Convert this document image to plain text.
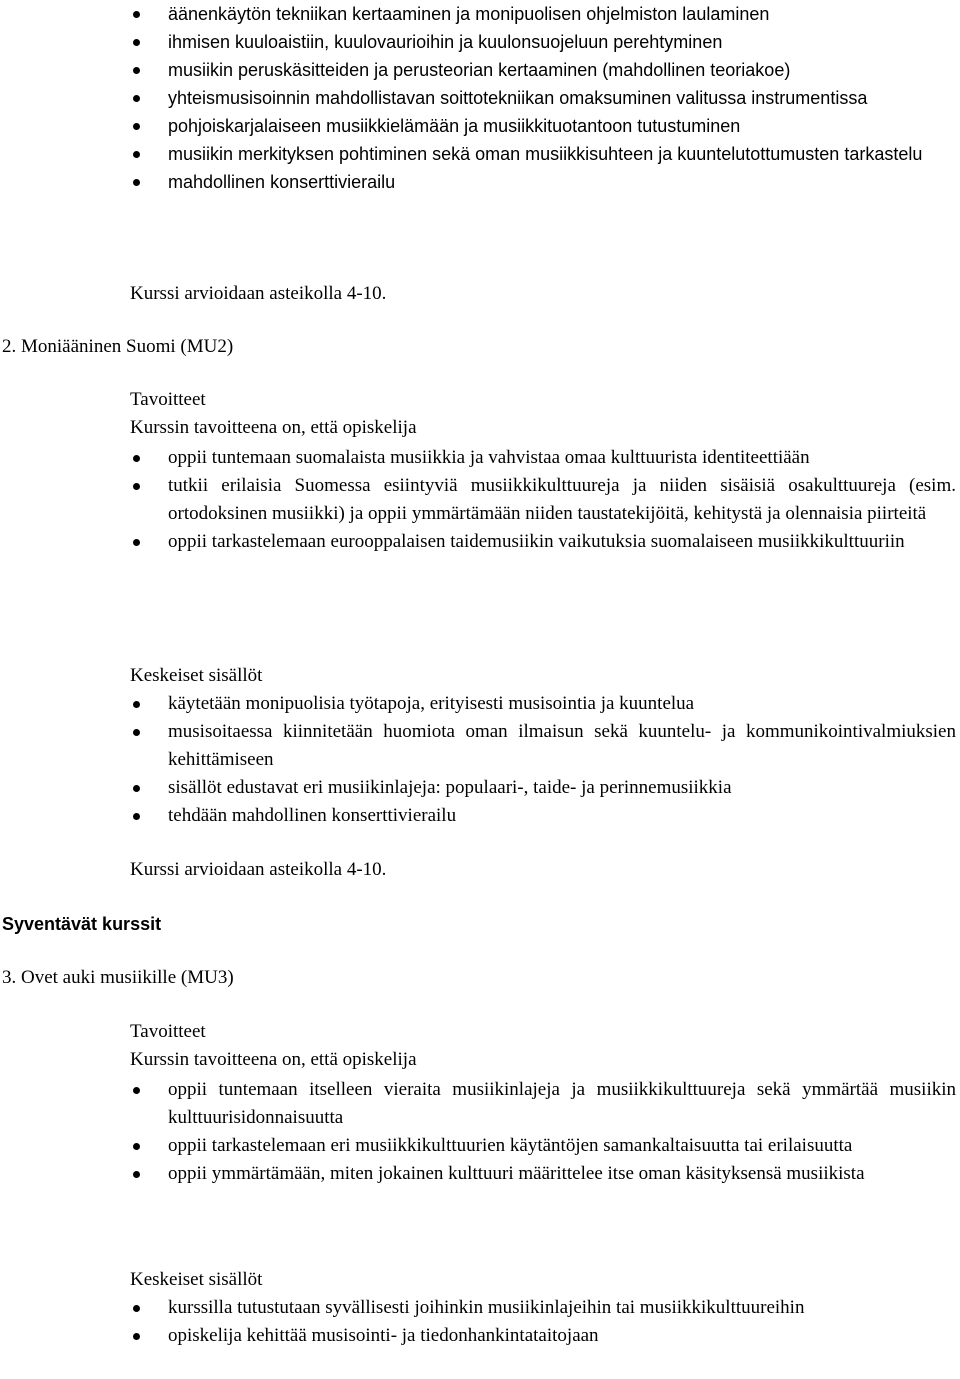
äänenkäytön tekniikan kertaaminen ja monipuolisen ohjelmiston laulaminen
ihmisen kuuloaistiin, kuulovaurioihin ja kuulonsuojeluun perehtyminen
musiikin peruskäsitteiden ja perusteorian kertaaminen (mahdollinen teoriakoe)
yhteismusisoinnin mahdollistavan soittotekniikan omaksuminen valitussa instrumentissa
pohjoiskarjalaiseen musiikkielämään ja musiikkituotantoon tutustuminen
musiikin merkityksen pohtiminen sekä oman musiikkisuhteen ja kuuntelutottumusten tarkastelu
mahdollinen konserttivierailu
Kurssi arvioidaan asteikolla 4-10.
2. Moniääninen Suomi (MU2)
Tavoitteet
Kurssin tavoitteena on, että opiskelija
oppii tuntemaan suomalaista musiikkia ja vahvistaa omaa kulttuurista identiteettiään
tutkii erilaisia Suomessa esiintyviä musiikkikulttuureja ja niiden sisäisiä osakulttuureja (esim. ortodoksinen musiikki) ja oppii ymmärtämään niiden taustatekijöitä, kehitystä ja olennaisia piirteitä
oppii tarkastelemaan eurooppalaisen taidemusiikin vaikutuksia suomalaiseen musiikkikulttuuriin
Keskeiset sisällöt
käytetään monipuolisia työtapoja, erityisesti musisointia ja kuuntelua
musisoitaessa kiinnitetään huomiota oman ilmaisun sekä kuuntelu- ja kommunikointivalmiuksien kehittämiseen
sisällöt edustavat eri musiikinlajeja: populaari-, taide- ja perinnemusiikkia
tehdään mahdollinen konserttivierailu
Kurssi arvioidaan asteikolla 4-10.
Syventävät kurssit
3. Ovet auki musiikille (MU3)
Tavoitteet
Kurssin tavoitteena on, että opiskelija
oppii tuntemaan itselleen vieraita musiikinlajeja ja musiikkikulttuureja sekä ymmärtää musiikin kulttuurisidonnaisuutta
oppii tarkastelemaan eri musiikkikulttuurien käytäntöjen samankaltaisuutta tai erilaisuutta
oppii ymmärtämään, miten jokainen kulttuuri määrittelee itse oman käsityksensä musiikista
Keskeiset sisällöt
kurssilla tutustutaan syvällisesti joihinkin musiikinlajeihin tai musiikkikulttuureihin
opiskelija kehittää musisointi- ja tiedonhankintataitojaan
